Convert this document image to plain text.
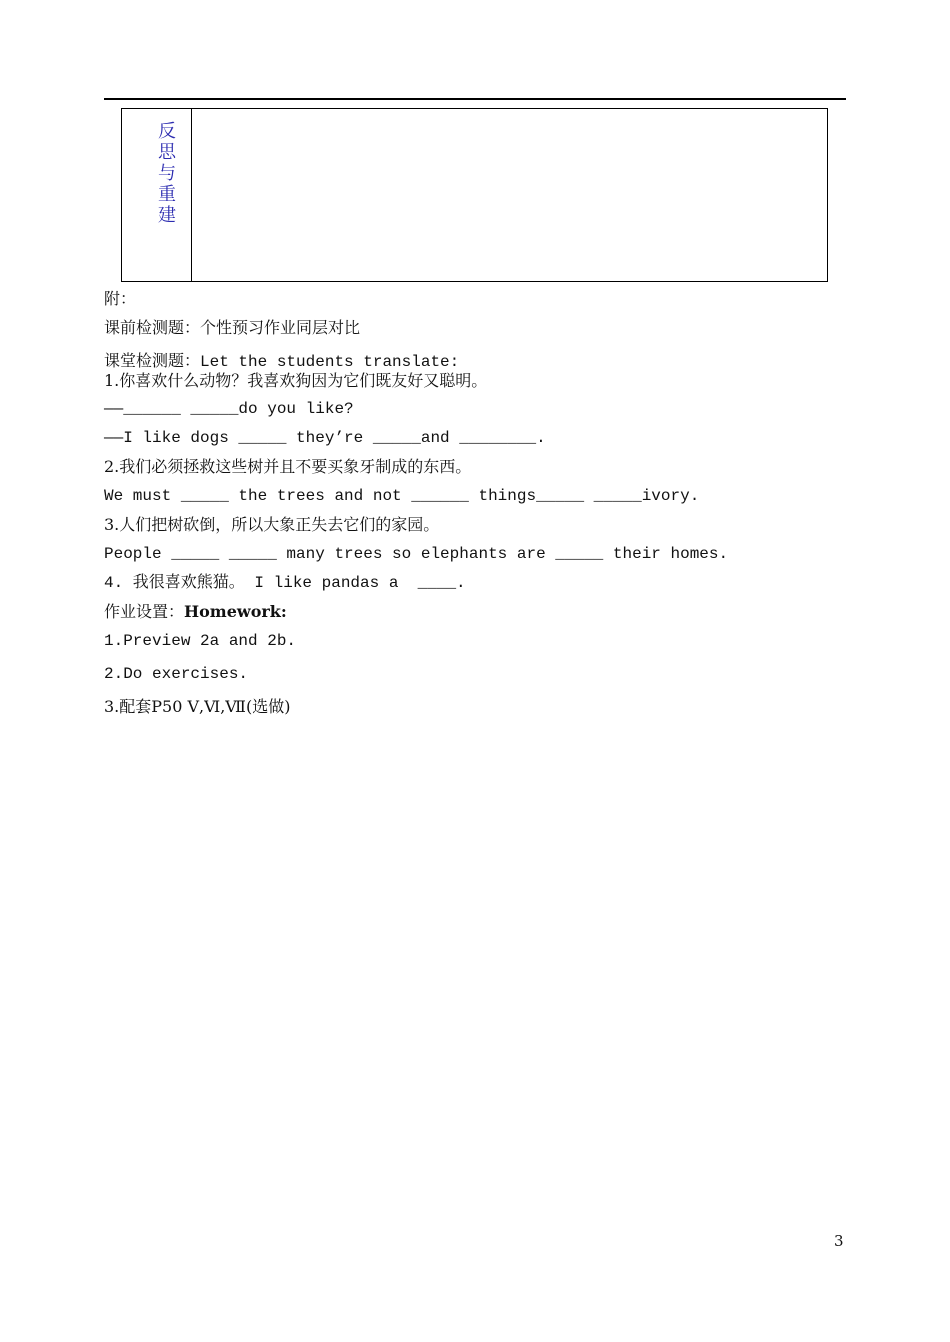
反
思
与
重
建
附：
课前检测题：个性预习作业同层对比
课堂检测题：Let the students translate:
1.你喜欢什么动物？我喜欢狗因为它们既友好又聪明。
——______ _____do you like?
——I like dogs _____ they’re _____and ________.
2.我们必须拯救这些树并且不要买象牙制成的东西。
We must _____ the trees and not ______ things_____ _____ivory.
3.人们把树砍倒，所以大象正失去它们的家园。
People _____ _____ many trees so elephants are _____ their homes.
4. 我很喜欢熊猫。 I like pandas a  ____.
作业设置：Homework:
1.Preview 2a and 2b.
2.Do exercises.
3.配套P50 Ⅴ,Ⅵ,Ⅶ(选做)
3
